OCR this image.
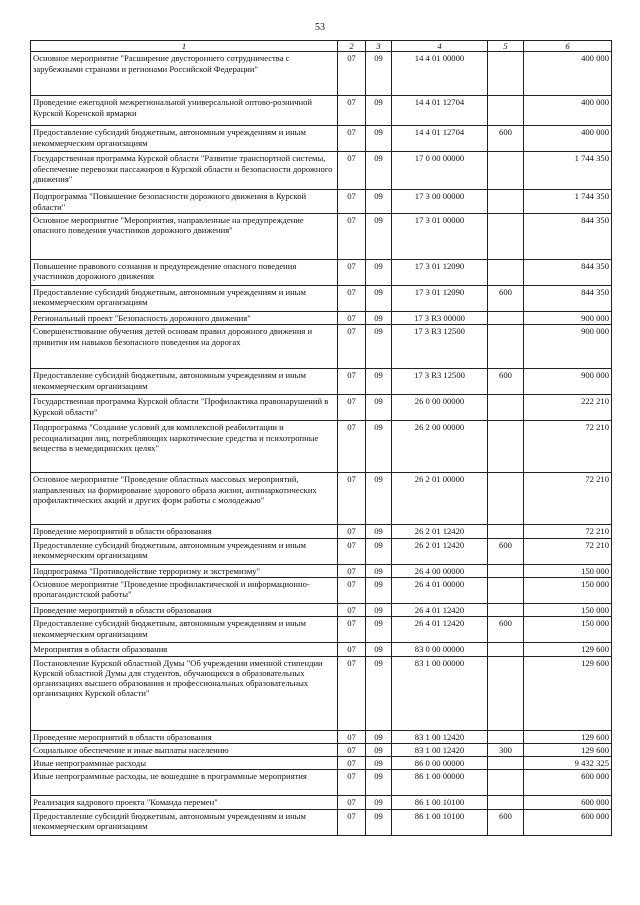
53
1	2	3	4	5	6
Основное мероприятие "Расширение двустороннего сотрудничества с зарубежными странами и регионами Российской Федерации"	07	09	14 4 01 00000		400 000
Проведение ежегодной межрегиональной универсальной оптово-розничной Курской Коренской ярмарки	07	09	14 4 01 12704		400 000
Предоставление субсидий бюджетным, автономным учреждениям и иным некоммерческим организациям	07	09	14 4 01 12704	600	400 000
Государственная программа Курской области "Развитие транспортной системы, обеспечение перевозки пассажиров в Курской области и безопасности дорожного движения"	07	09	17 0 00 00000		1 744 350
Подпрограмма "Повышение безопасности дорожного движения в Курской области"	07	09	17 3 00 00000		1 744 350
Основное мероприятие "Мероприятия, направленные на предупреждение опасного поведения участников дорожного движения"	07	09	17 3 01 00000		844 350
Повышение правового сознания и предупреждение опасного поведения участников дорожного движения	07	09	17 3 01 12090		844 350
Предоставление субсидий бюджетным, автономным учреждениям и иным некоммерческим организациям	07	09	17 3 01 12090	600	844 350
Региональный проект "Безопасность дорожного движения"	07	09	17 3 R3 00000		900 000
Совершенствование обучения детей основам правил дорожного движения и привития им навыков безопасного поведения на дорогах	07	09	17 3 R3 12500		900 000
Предоставление субсидий бюджетным, автономным учреждениям и иным некоммерческим организациям	07	09	17 3 R3 12500	600	900 000
Государственная программа Курской области "Профилактика правонарушений в Курской области"	07	09	26 0 00 00000		222 210
Подпрограмма "Создание условий для комплексной реабилитации и ресоциализации лиц, потребляющих наркотические средства и психотропные вещества в немедицинских целях"	07	09	26 2 00 00000		72 210
Основное мероприятие "Проведение областных массовых мероприятий, направленных на формирование здорового образа жизни, антинаркотических профилактических акций и других форм работы с молодежью"	07	09	26 2 01 00000		72 210
Проведение мероприятий в области образования	07	09	26 2 01 12420		72 210
Предоставление субсидий бюджетным, автономным учреждениям и иным некоммерческим организациям	07	09	26 2 01 12420	600	72 210
Подпрограмма "Противодействие терроризму и экстремизму"	07	09	26 4 00 00000		150 000
Основное мероприятие "Проведение профилактической и информационно-пропагандистской работы"	07	09	26 4 01 00000		150 000
Проведение мероприятий в области образования	07	09	26 4 01 12420		150 000
Предоставление субсидий бюджетным, автономным учреждениям и иным некоммерческим организациям	07	09	26 4 01 12420	600	150 000
Мероприятия в области образования	07	09	83 0 00 00000		129 600
Постановление Курской областной Думы "Об учреждении именной стипендии Курской областной Думы для студентов, обучающихся в образовательных организациях высшего образования и профессиональных образовательных организациях Курской области"	07	09	83 1 00 00000		129 600
Проведение мероприятий в области образования	07	09	83 1 00 12420		129 600
Социальное обеспечение и иные выплаты населению	07	09	83 1 00 12420	300	129 600
Иные непрограммные расходы	07	09	86 0 00 00000		9 432 325
Иные непрограммные расходы, не вошедшие в программные мероприятия	07	09	86 1 00 00000		600 000
Реализация кадрового проекта "Команда перемен"	07	09	86 1 00 10100		600 000
Предоставление субсидий бюджетным, автономным учреждениям и иным некоммерческим организациям	07	09	86 1 00 10100	600	600 000
